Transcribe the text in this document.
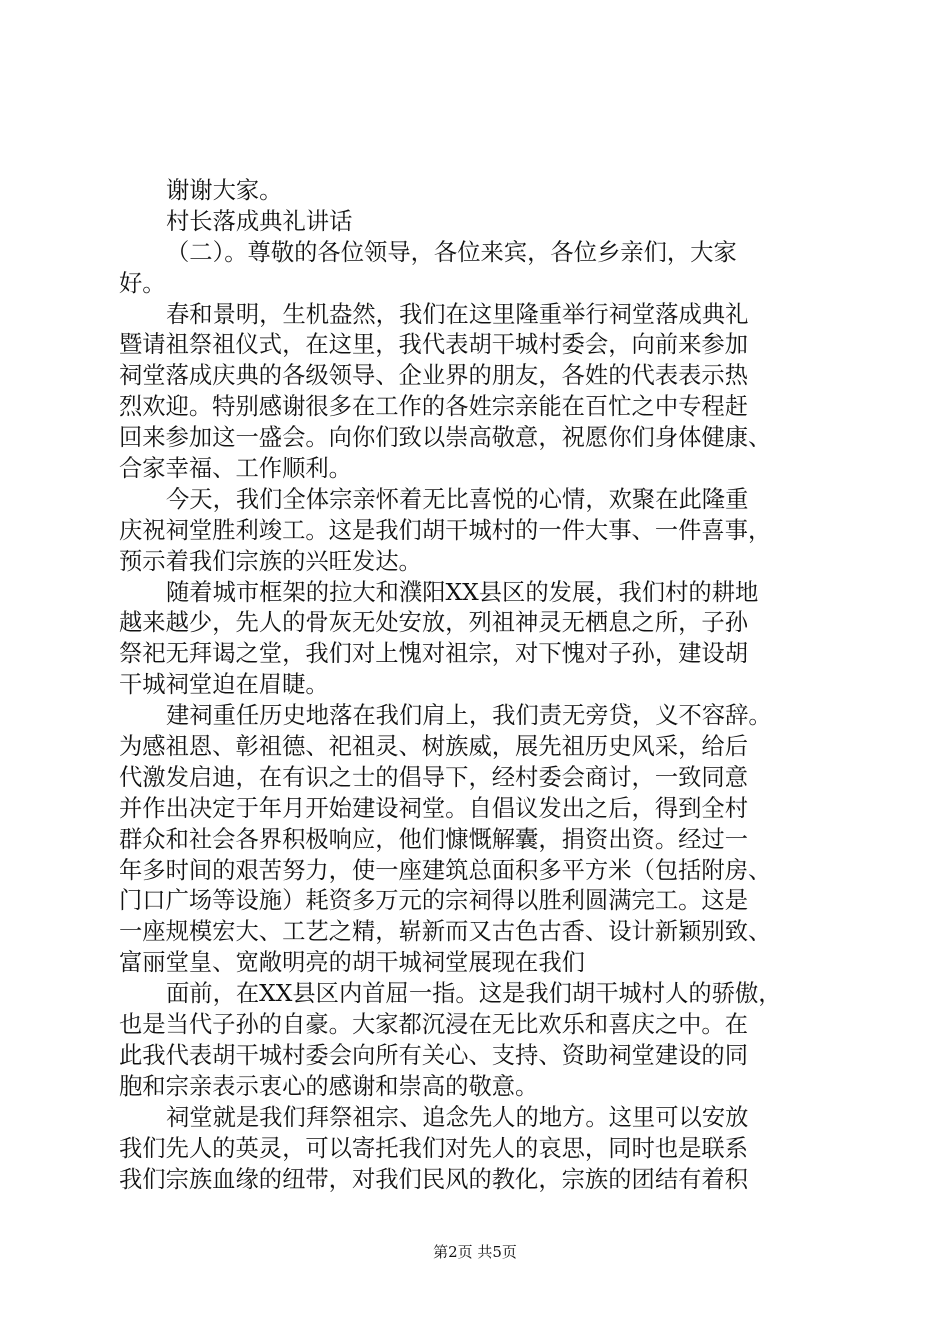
谢谢大家。
村长落成典礼讲话
（二）。尊敬的各位领导，各位来宾，各位乡亲们，大家
好。
春和景明，生机盎然，我们在这里隆重举行祠堂落成典礼
暨请祖祭祖仪式，在这里，我代表胡干城村委会，向前来参加
祠堂落成庆典的各级领导、企业界的朋友，各姓的代表表示热
烈欢迎。特别感谢很多在工作的各姓宗亲能在百忙之中专程赶
回来参加这一盛会。向你们致以崇高敬意，祝愿你们身体健康、
合家幸福、工作顺利。
今天，我们全体宗亲怀着无比喜悦的心情，欢聚在此隆重
庆祝祠堂胜利竣工。这是我们胡干城村的一件大事、一件喜事，
预示着我们宗族的兴旺发达。
随着城市框架的拉大和濮阳XX县区的发展，我们村的耕地
越来越少，先人的骨灰无处安放，列祖神灵无栖息之所，子孙
祭祀无拜谒之堂，我们对上愧对祖宗，对下愧对子孙，建设胡
干城祠堂迫在眉睫。
建祠重任历史地落在我们肩上，我们责无旁贷，义不容辞。
为感祖恩、彰祖德、祀祖灵、树族威，展先祖历史风采，给后
代激发启迪，在有识之士的倡导下，经村委会商讨，一致同意
并作出决定于年月开始建设祠堂。自倡议发出之后，得到全村
群众和社会各界积极响应，他们慷慨解囊，捐资出资。经过一
年多时间的艰苦努力，使一座建筑总面积多平方米（包括附房、
门口广场等设施）耗资多万元的宗祠得以胜利圆满完工。这是
一座规模宏大、工艺之精，崭新而又古色古香、设计新颖别致、
富丽堂皇、宽敞明亮的胡干城祠堂展现在我们
面前，在XX县区内首屈一指。这是我们胡干城村人的骄傲，
也是当代子孙的自豪。大家都沉浸在无比欢乐和喜庆之中。在
此我代表胡干城村委会向所有关心、支持、资助祠堂建设的同
胞和宗亲表示衷心的感谢和崇高的敬意。
祠堂就是我们拜祭祖宗、追念先人的地方。这里可以安放
我们先人的英灵，可以寄托我们对先人的哀思，同时也是联系
我们宗族血缘的纽带，对我们民风的教化，宗族的团结有着积
第2页 共5页
